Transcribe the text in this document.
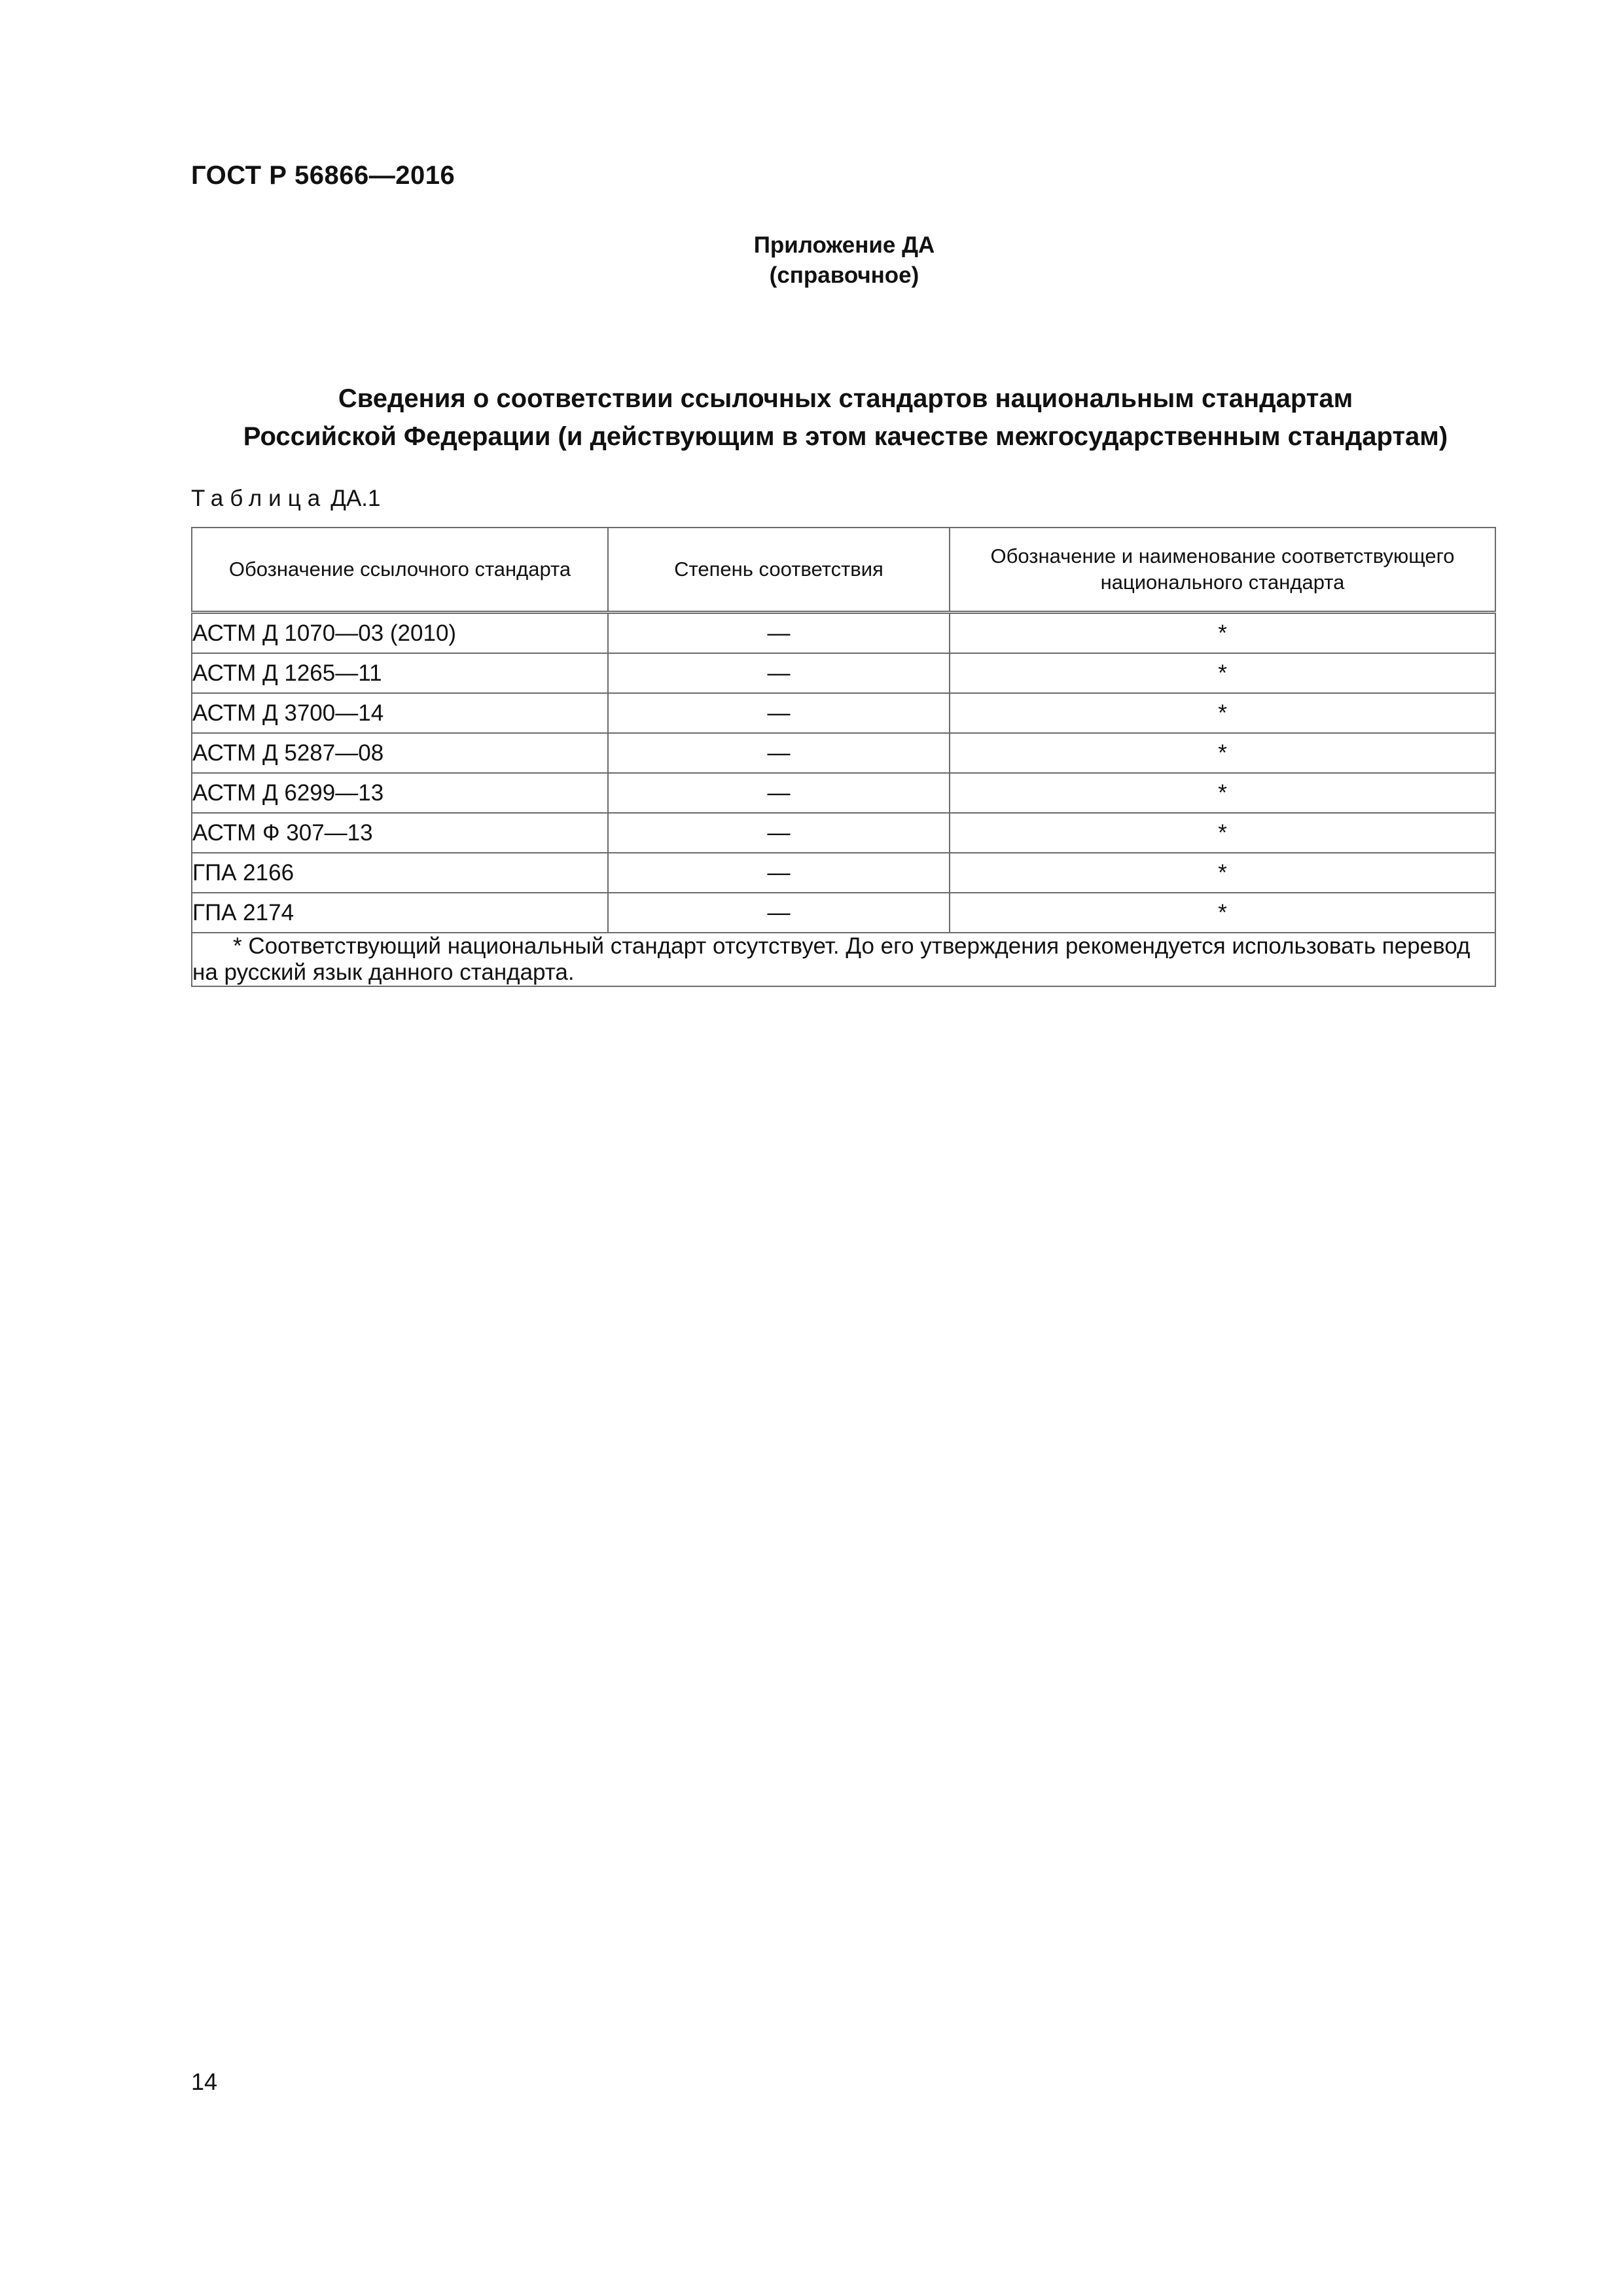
ГОСТ Р 56866—2016
Приложение ДА
(справочное)
Сведения о соответствии ссылочных стандартов национальным стандартам
Российской Федерации (и действующим в этом качестве межгосударственным стандартам)
Таблица ДА.1
Обозначение ссылочного стандарта	Степень соответствия	Обозначение и наименование соответствующего
национального стандарта

АСТМ Д 1070—03 (2010)	—	*
АСТМ Д 1265—11	—	*
АСТМ Д 3700—14	—	*
АСТМ Д 5287—08	—	*
АСТМ Д 6299—13	—	*
АСТМ Ф 307—13	—	*
ГПА 2166	—	*
ГПА 2174	—	*
* Соответствующий национальный стандарт отсутствует. До его утверждения рекомендуется использовать перевод на русский язык данного стандарта.		
14
